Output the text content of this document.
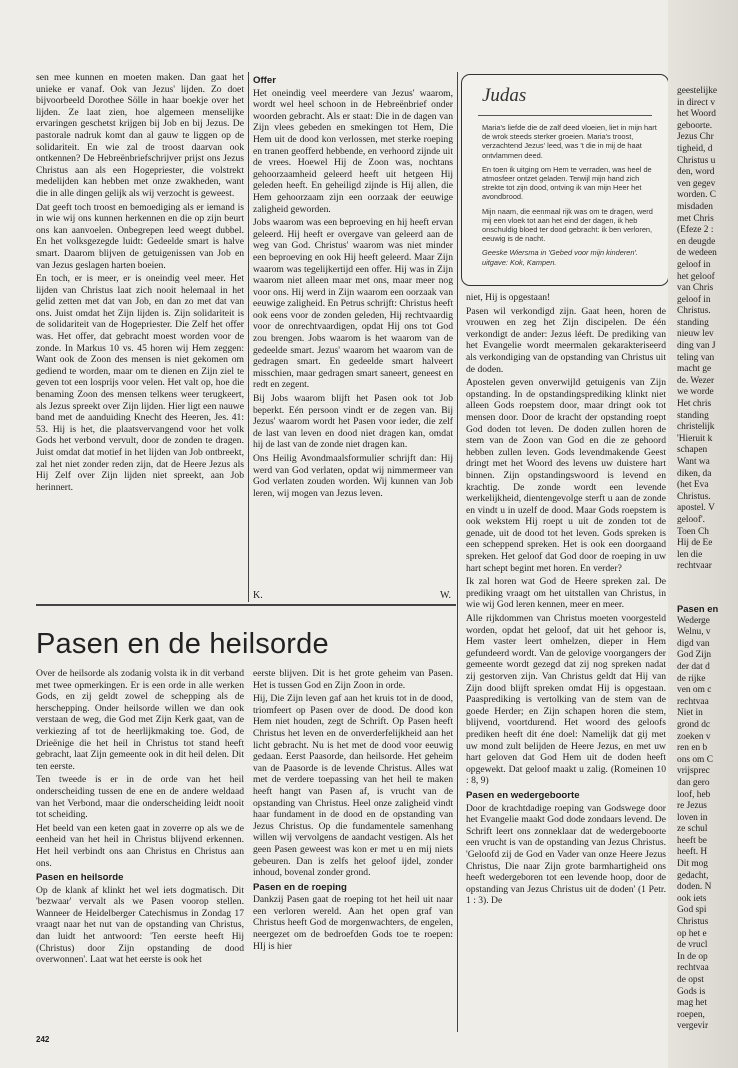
sen mee kunnen en moeten maken. Dan gaat het unieke er vanaf. Ook van Jezus' lijden. Zo doet bijvoorbeeld Dorothee Sölle in haar boekje over het lijden. Ze laat zien, hoe algemeen menselijke ervaringen geschetst krijgen bij Job en bij Jezus. De pastorale nadruk komt dan al gauw te liggen op de solidariteit. En wie zal de troost daarvan ook ontkennen? De Hebreënbriefschrijver prijst ons Jezus Christus aan als een Hogepriester, die volstrekt medelijden kan hebben met onze zwakheden, want die in alle dingen gelijk als wij verzocht is geweest.

Dat geeft toch troost en bemoediging als er iemand is in wie wij ons kunnen herkennen en die op zijn beurt ons kan aanvoelen. Onbegrepen leed weegt dubbel. En het volksgezegde luidt: Gedeelde smart is halve smart. Daarom blijven de getuigenissen van Job en van Jezus geslagen harten boeien.

En toch, er is meer, er is oneindig veel meer. Het lijden van Christus laat zich nooit helemaal in het gelid zetten met dat van Job, en dan zo met dat van ons. Juist omdat het Zijn lijden is. Zijn solidariteit is de solidariteit van de Hogepriester. Die Zelf het offer was. Het offer, dat gebracht moest worden voor de zonde. In Markus 10 vs. 45 horen wij Hem zeggen: Want ook de Zoon des mensen is niet gekomen om gediend te worden, maar om te dienen en Zijn ziel te geven tot een losprijs voor velen. Het valt op, hoe die benaming Zoon des mensen telkens weer terugkeert, als Jezus spreekt over Zijn lijden. Hier ligt een nauwe band met de aanduiding Knecht des Heeren, Jes. 41: 53. Hij is het, die plaatsvervangend voor het volk Gods het verbond vervult, door de zonden te dragen. Juist omdat dat motief in het lijden van Job ontbreekt, zal het niet zonder reden zijn, dat de Heere Jezus als Hij Zelf over Zijn lijden niet spreekt, aan Job herinnert.

Offer

Het oneindig veel meerdere van Jezus' waarom, wordt wel heel schoon in de Hebreënbrief onder woorden gebracht. Als er staat: Die in de dagen van Zijn vlees gebeden en smekingen tot Hem, Die Hem uit de dood kon verlossen, met sterke roeping en tranen geofferd hebbende, en verhoord zijnde uit de vrees. Hoewel Hij de Zoon was, nochtans gehoorzaamheid geleerd heeft uit hetgeen Hij geleden heeft. En geheiligd zijnde is Hij allen, die Hem gehoorzaam zijn een oorzaak der eeuwige zaligheid geworden.

Jobs waarom was een beproeving en hij heeft ervan geleerd. Hij heeft er overgave van geleerd aan de weg van God. Christus' waarom was niet minder een beproeving en ook Hij heeft geleerd. Maar Zijn waarom was tegelijkertijd een offer. Hij was in Zijn waarom niet alleen maar met ons, maar meer nog voor ons. Hij werd in Zijn waarom een oorzaak van eeuwige zaligheid. En Petrus schrijft: Christus heeft ook eens voor de zonden geleden, Hij rechtvaardig voor de onrechtvaardigen, opdat Hij ons tot God zou brengen. Jobs waarom is het waarom van de gedeelde smart. Jezus' waarom het waarom van de gedragen smart. En gedeelde smart halveert misschien, maar gedragen smart saneert, geneest en redt en zegent.

Bij Jobs waarom blijft het Pasen ook tot Job beperkt. Eén persoon vindt er de zegen van. Bij Jezus' waarom wordt het Pasen voor ieder, die zelf de last van leven en dood niet dragen kan, omdat hij de last van de zonde niet dragen kan.

Ons Heilig Avondmaalsformulier schrijft dan: Hij werd van God verlaten, opdat wij nimmermeer van God verlaten zouden worden. Wij kunnen van Job leren, wij mogen van Jezus leven.

K.	W.
Judas

Maria's liefde die de zalf deed vloeien, liet in mijn hart de wrok steeds sterker groeien. Maria's troost, verzachtend Jezus' leed, was 't die in mij de haat ontvlammen deed.

En toen ik uitging om Hem te verraden, was heel de atmosfeer ontzet geladen. Terwijl mijn hand zich strekte tot zijn dood, ontving ik van mijn Heer het avondbrood.

Mijn naam, die eenmaal rijk was om te dragen, werd mij een vloek tot aan het eind der dagen, ik heb onschuldig bloed ter dood gebracht: ik ben verloren, eeuwig is de nacht.

Geeske Wiersma in 'Gebed voor mijn kinderen'. uitgave: Kok, Kampen.

niet, Hij is opgestaan!

Pasen wil verkondigd zijn. Gaat heen, horen de vrouwen en zeg het Zijn discipelen. De één verkondigt de ander: Jezus léeft. De prediking van het Evangelie wordt meermalen gekarakteriseerd als verkondiging van de opstanding van Christus uit de doden.

Apostelen geven onverwijld getuigenis van Zijn opstanding. In de opstandingsprediking klinkt niet alleen Gods roepstem door, maar dringt ook tot mensen door. Door de kracht der opstanding roept God doden tot leven. De doden zullen horen de stem van de Zoon van God en die ze gehoord hebben zullen leven. Gods levendmakende Geest dringt met het Woord des levens uw duistere hart binnen. Zijn opstandingswoord is levend en krachtig. De zonde wordt een levende werkelijkheid, dientengevolge sterft u aan de zonde en vindt u in uzelf de dood. Maar Gods roepstem is ook wekstem Hij roept u uit de zonden tot de genade, uit de dood tot het leven. Gods spreken is een scheppend spreken. Het is ook een doorgaand spreken. Het geloof dat God door de roeping in uw hart schept begint met horen. En verder?

Ik zal horen wat God de Heere spreken zal. De prediking vraagt om het uitstallen van Christus, in wie wij God leren kennen, meer en meer.

Alle rijkdommen van Christus moeten voorgesteld worden, opdat het geloof, dat uit het gehoor is, Hem vaster leert omhelzen, dieper in Hem gefundeerd wordt. Van de gelovige voorgangers der gemeente wordt gezegd dat zij nog spreken nadat zij gestorven zijn. Van Christus geldt dat Hij van Zijn dood blijft spreken omdat Hij is opgestaan. Paasprediking is vertolking van de stem van de goede Herder; en Zijn schapen horen die stem, blijvend, voortdurend. Het woord des geloofs prediken heeft dit éne doel: Namelijk dat gij met uw mond zult belijden de Heere Jezus, en met uw hart geloven dat God Hem uit de doden heeft opgewekt. Dat geloof maakt u zalig. (Romeinen 10 : 8, 9)

Pasen en wedergeboorte

Door de krachtdadige roeping van Godswege door het Evangelie maakt God dode zondaars levend. De Schrift leert ons zonneklaar dat de wedergeboorte een vrucht is van de opstanding van Jezus Christus. 'Geloofd zij de God en Vader van onze Heere Jezus Christus, Die naar Zijn grote barmhartigheid ons heeft wedergeboren tot een levende hoop, door de opstanding van Jezus Christus uit de doden' (1 Petr. 1 : 3). De

Pasen en de heilsorde

Over de heilsorde als zodanig volsta ik in dit verband met twee opmerkingen. Er is een orde in alle werken Gods, en zij geldt zowel de schepping als de herschepping. Onder heilsorde willen we dan ook verstaan de weg, die God met Zijn Kerk gaat, van de verkiezing af tot de heerlijkmaking toe. God, de Drieënige die het heil in Christus tot stand heeft gebracht, laat Zijn gemeente ook in dit heil delen. Dit ten eerste.

Ten tweede is er in de orde van het heil onderscheiding tussen de ene en de andere weldaad van het Verbond, maar die onderscheiding leidt nooit tot scheiding.

Het beeld van een keten gaat in zoverre op als we de eenheid van het heil in Christus blijvend erkennen. Het heil verbindt ons aan Christus en Christus aan ons.

Pasen en heilsorde

Op de klank af klinkt het wel iets dogmatisch. Dit 'bezwaar' vervalt als we Pasen voorop stellen. Wanneer de Heidelberger Catechismus in Zondag 17 vraagt naar het nut van de opstanding van Christus, dan luidt het antwoord: 'Ten eerste heeft Hij (Christus) door Zijn opstanding de dood overwonnen'. Laat wat het eerste is ook het

eerste blijven. Dit is het grote geheim van Pasen. Het is tussen God en Zijn Zoon in orde.

Hij, Die Zijn leven gaf aan het kruis tot in de dood, triomfeert op Pasen over de dood. De dood kon Hem niet houden, zegt de Schrift. Op Pasen heeft Christus het leven en de onverderfelijkheid aan het licht gebracht. Nu is het met de dood voor eeuwig gedaan. Eerst Paasorde, dan heilsorde. Het geheim van de Paasorde is de levende Christus. Alles wat met de verdere toepassing van het heil te maken heeft hangt van Pasen af, is vrucht van de opstanding van Christus. Heel onze zaligheid vindt haar fundament in de dood en de opstanding van Jezus Christus. Op die fundamentele samenhang willen wij vervolgens de aandacht vestigen. Als het geen Pasen geweest was kon er met u en mij niets gebeuren. Dan is zelfs het geloof ijdel, zonder inhoud, bovenal zonder grond.

Pasen en de roeping

Dankzij Pasen gaat de roeping tot het heil uit naar een verloren wereld. Aan het open graf van Christus heeft God de morgenwachters, de engelen, neergezet om de bedroefden Gods toe te roepen: HIj is hier

242
geestelijke
in direct v
het Woord
geboorte.
Jezus Chr
tigheid, d
Christus u
den, word
ven gegev
worden. C
misdaden
met Chris
(Efeze 2 :
en deugde
de wedeen
geloof in
het geloof
van Chris
geloof in
Christus.
standing
nieuw lev
ding van J
teling van
macht ge
de. Wezer
we worde
Het chris
standing
christelijk
'Hieruit k
schapen
Want wa
diken, da
(het Eva
Christus.
apostel. V
geloof'.
Toen Ch
Hij de Ee
len die
rechtvaar
Pasen en
Wederge
Welnu, v
digd van
God Zijn
der dat d
de rijke
ven om c
rechtvaa
Niet in
grond dc
zoeken v
ren en b
ons om C
vrijsprec
dan gero
loof, heb
re Jezus
loven in
ze schul
heeft be
heeft. H
Dit mog
gedacht,
doden. N
ook iets
God spi
Christus
op het e
de vrucl
In de op
rechtvaa
de opst
Gods is
mag het
roepen,
vergevir
